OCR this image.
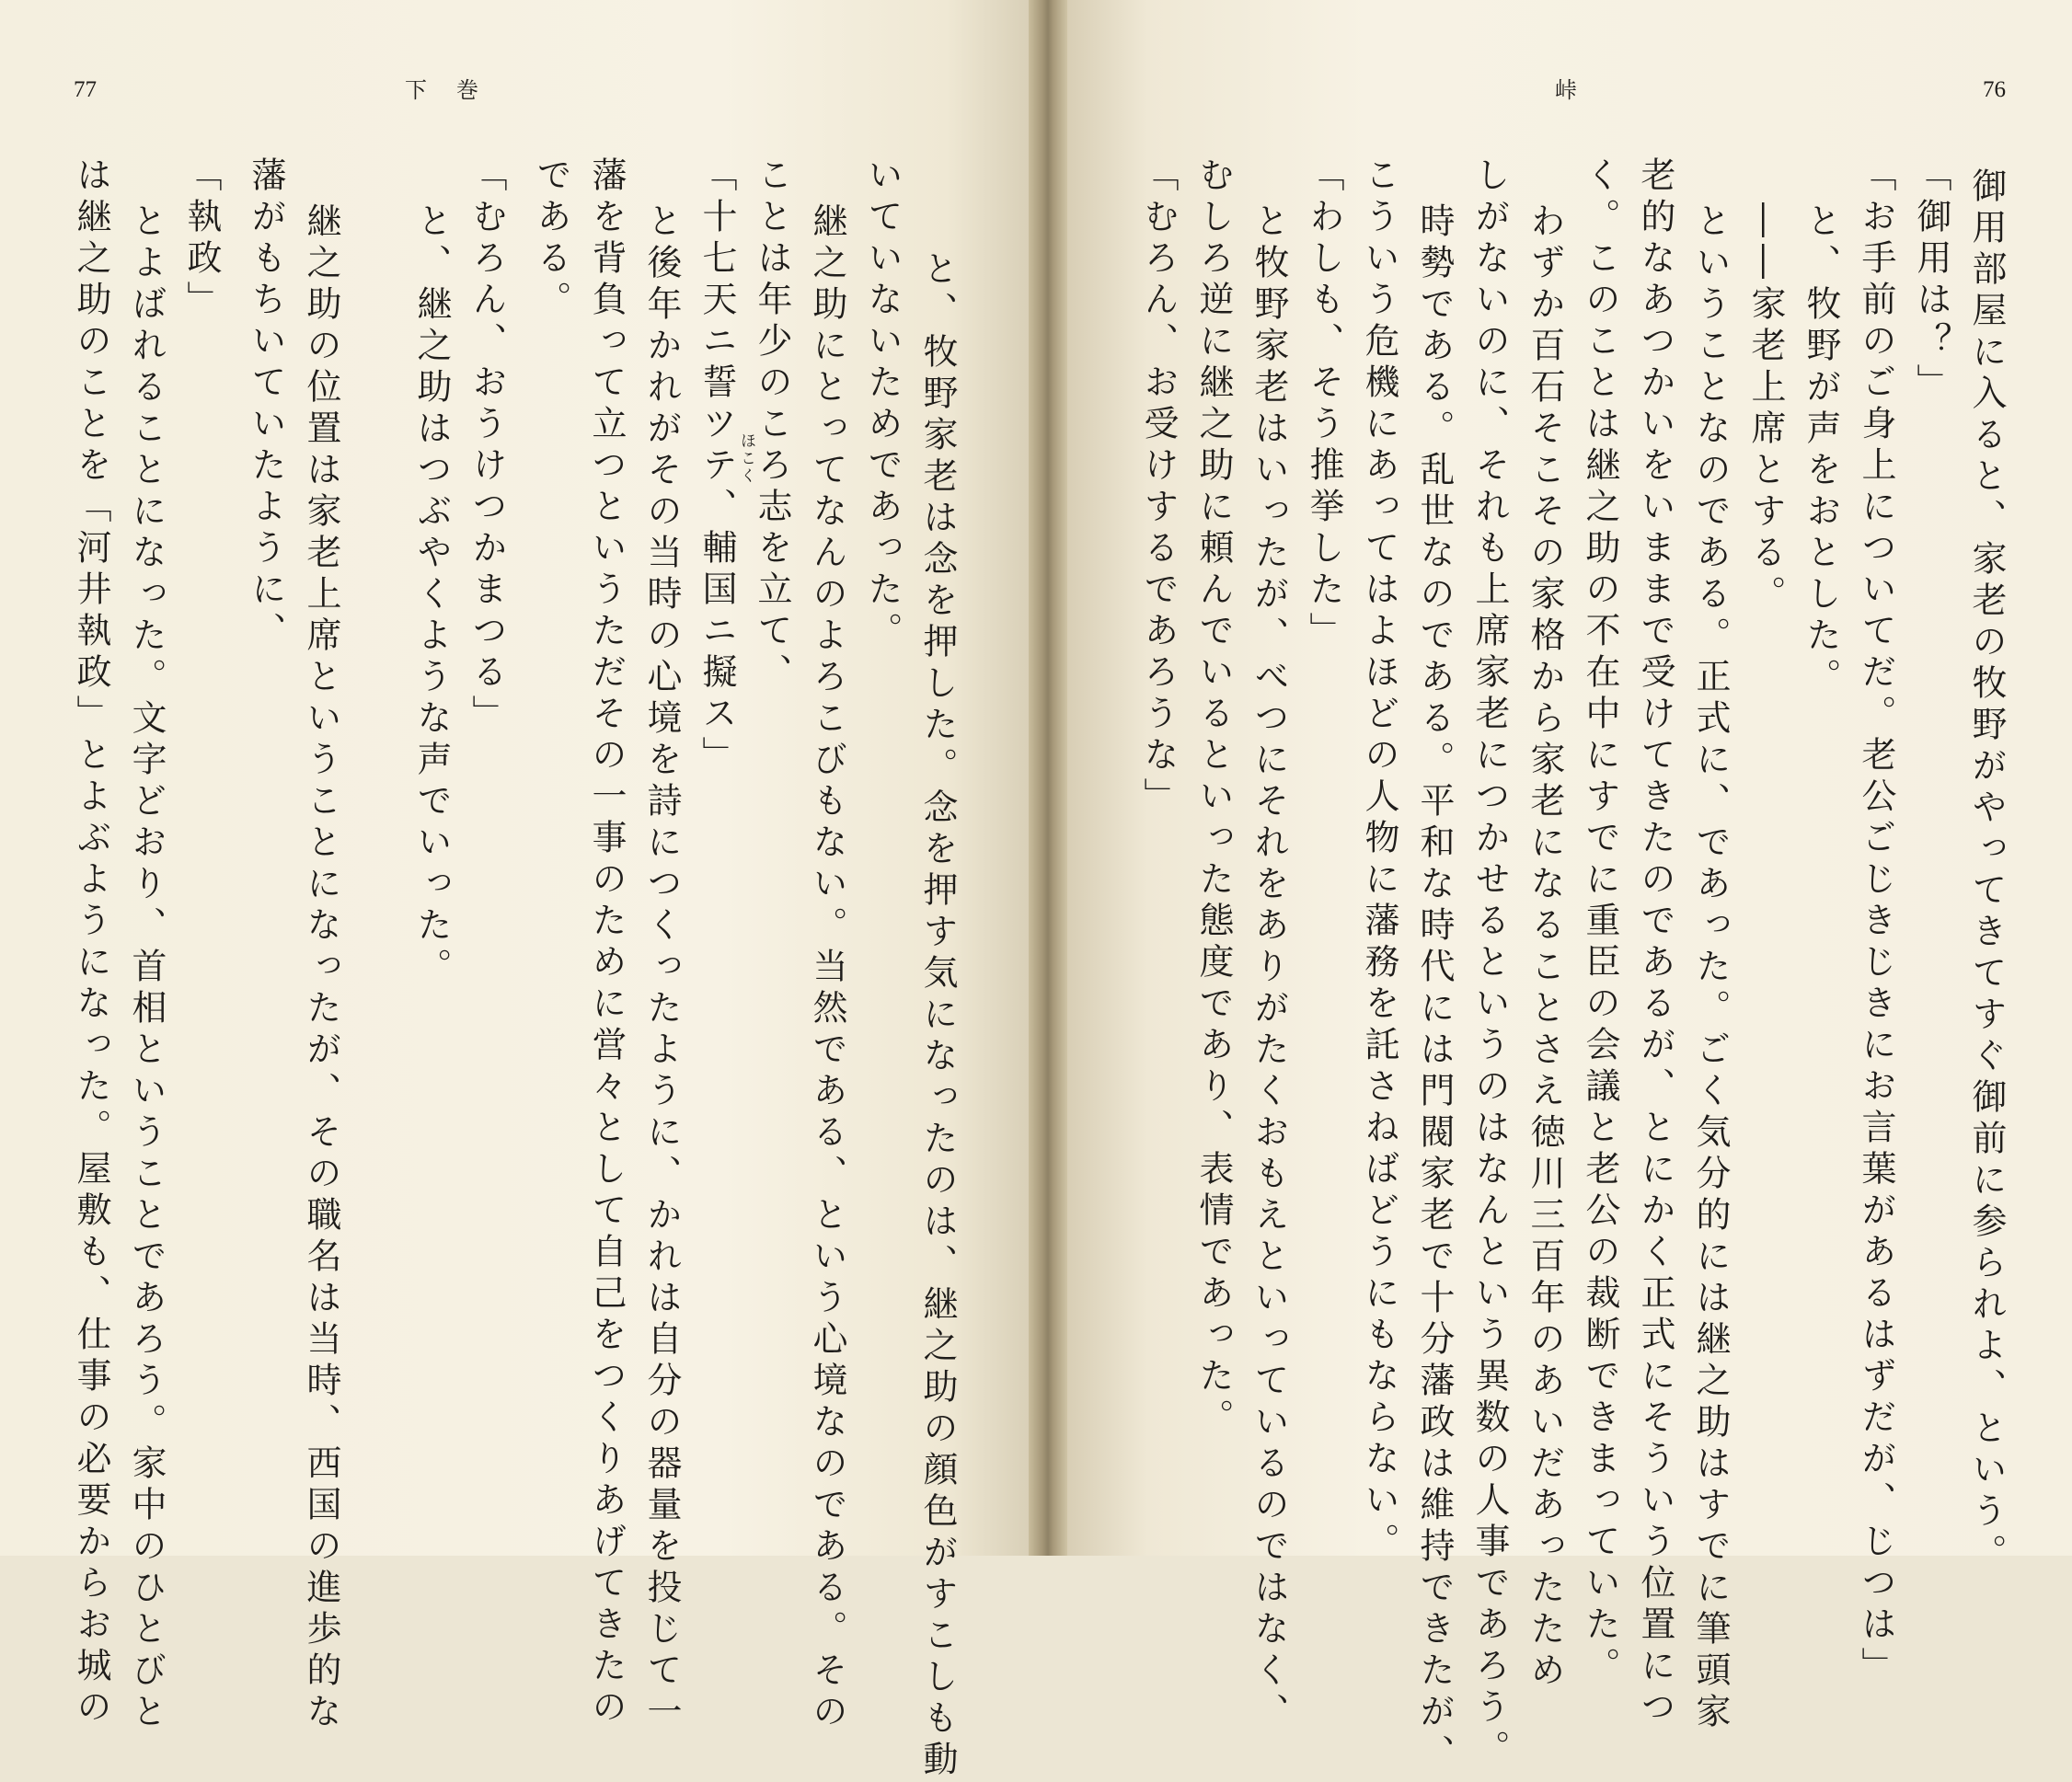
77	下　巻
と、牧野家老は念を押した。念を押す気になったのは、継之助の顔色がすこしも動
いていないためであった。
継之助にとってなんのよろこびもない。当然である、という心境なのである。その
ことは年少のころ志を立て、
「十七天ニ誓ツテ、輔国ニ擬ス」 ほこく
と後年かれがその当時の心境を詩につくったように、かれは自分の器量を投じて一
藩を背負って立つというただその一事のために営々として自己をつくりあげてきたの
である。
「むろん、おうけつかまつる」
と、継之助はつぶやくような声でいった。
継之助の位置は家老上席ということになったが、その職名は当時、西国の進歩的な
藩がもちいていたように、
「執政」
とよばれることになった。文字どおり、首相ということであろう。家中のひとびと
は継之助のことを「河井執政」とよぶようになった。屋敷も、仕事の必要からお城の
峠	76
御用部屋に入ると、家老の牧野がやってきてすぐ御前に参られよ、という。
「御用は？」
「お手前のご身上についてだ。老公ごじきじきにお言葉があるはずだが、じつは」
と、牧野が声をおとした。
――家老上席とする。
ということなのである。正式に、であった。ごく気分的には継之助はすでに筆頭家
老的なあつかいをいままで受けてきたのであるが、とにかく正式にそういう位置につ
く。このことは継之助の不在中にすでに重臣の会議と老公の裁断できまっていた。
わずか百石そこその家格から家老になることさえ徳川三百年のあいだあったため
しがないのに、それも上席家老につかせるというのはなんという異数の人事であろう。
時勢である。乱世なのである。平和な時代には門閥家老で十分藩政は維持できたが、
こういう危機にあってはよほどの人物に藩務を託さねばどうにもならない。
「わしも、そう推挙した」
と牧野家老はいったが、べつにそれをありがたくおもえといっているのではなく、
むしろ逆に継之助に頼んでいるといった態度であり、表情であった。
「むろん、お受けするであろうな」
